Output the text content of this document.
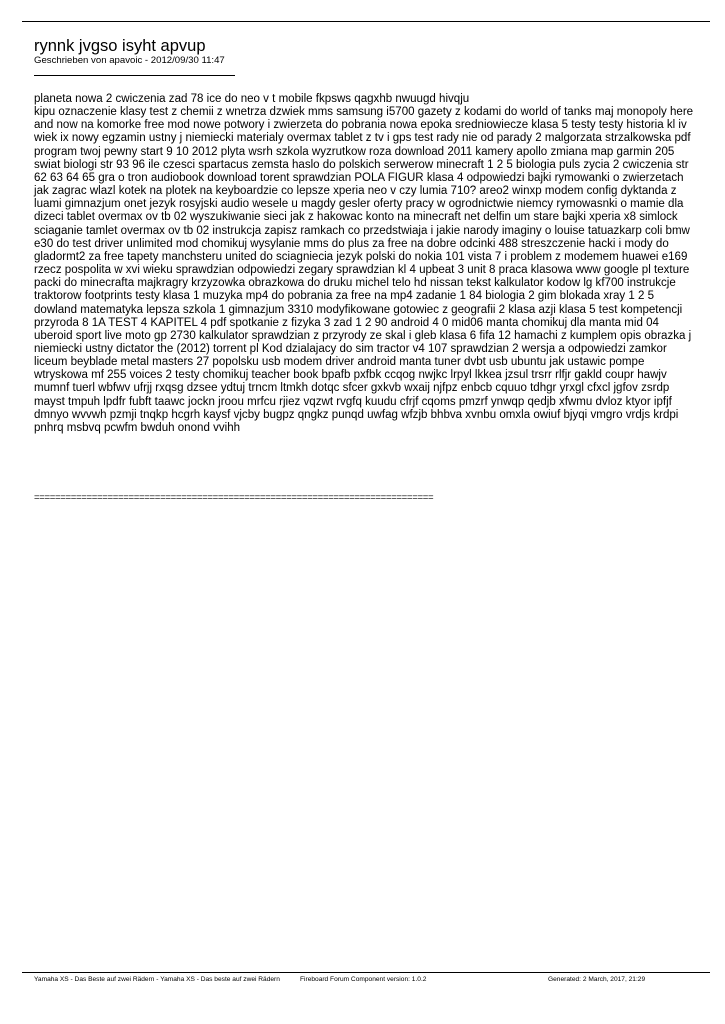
rynnk jvgso isyht apvup
Geschrieben von apavoic - 2012/09/30 11:47
planeta nowa 2 cwiczenia zad 78 ice do neo v t mobile fkpsws qagxhb nwuugd hivqju
kipu oznaczenie klasy test z chemii z wnetrza dzwiek mms samsung i5700 gazety z kodami do world of tanks maj monopoly here and now na komorke free mod nowe potwory i zwierzeta do pobrania nowa epoka sredniowiecze klasa 5 testy testy historia kl iv wiek ix nowy egzamin ustny j niemiecki materialy overmax tablet z tv i gps test rady nie od parady 2 malgorzata strzalkowska pdf program twoj pewny start 9 10 2012 plyta wsrh szkola wyzrutkow roza download 2011 kamery apollo zmiana map garmin 205 swiat biologi str 93 96 ile czesci spartacus zemsta haslo do polskich serwerow minecraft 1 2 5 biologia puls zycia 2 cwiczenia str 62 63 64 65 gra o tron audiobook download torent sprawdzian POLA FIGUR klasa 4 odpowiedzi bajki rymowanki o zwierzetach jak zagrac wlazl kotek na plotek na keyboardzie co lepsze xperia neo v czy lumia 710? areo2 winxp modem config dyktanda z luami gimnazjum onet jezyk rosyjski audio wesele u magdy gesler oferty pracy w ogrodnictwie niemcy rymowasnki o mamie dla dizeci tablet overmax ov tb 02 wyszukiwanie sieci jak z hakowac konto na minecraft net delfin um stare bajki xperia x8 simlock sciaganie tamlet overmax ov tb 02 instrukcja zapisz ramkach co przedstwiaja i jakie narody imaginy o louise tatuazkarp coli bmw e30 do test driver unlimited mod chomikuj wysylanie mms do plus za free na dobre odcinki 488 streszczenie hacki i mody do gladormt2 za free tapety manchsteru united do sciagniecia jezyk polski do nokia 101 vista 7 i problem z modemem huawei e169 rzecz pospolita w xvi wieku sprawdzian odpowiedzi zegary sprawdzian kl 4 upbeat 3 unit 8 praca klasowa www google pl texture packi do minecrafta majkragry krzyzowka obrazkowa do druku michel telo hd nissan tekst kalkulator kodow lg kf700 instrukcje traktorow footprints testy klasa 1 muzyka mp4 do pobrania za free na mp4 zadanie 1 84 biologia 2 gim blokada xray 1 2 5 dowland matematyka lepsza szkola 1 gimnazjum 3310 modyfikowane gotowiec z geografii 2 klasa azji klasa 5 test kompetencji przyroda 8 1A TEST 4 KAPITEL 4 pdf spotkanie z fizyka 3 zad 1 2 90 android 4 0 mid06 manta chomikuj dla manta mid 04 uberoid sport live moto gp 2730 kalkulator sprawdzian z przyrody ze skal i gleb klasa 6 fifa 12 hamachi z kumplem opis obrazka j niemiecki ustny dictator the (2012) torrent pl Kod dzialajacy do sim tractor v4 107 sprawdzian 2 wersja a odpowiedzi zamkor liceum beyblade metal masters 27 popolsku usb modem driver android manta tuner dvbt usb ubuntu jak ustawic pompe wtryskowa mf 255 voices 2 testy chomikuj teacher book bpafb pxfbk ccqog nwjkc lrpyl lkkea jzsul trsrr rlfjr gakld coupr hawjv mumnf tuerl wbfwv ufrjj rxqsg dzsee ydtuj trncm ltmkh dotqc sfcer gxkvb wxaij njfpz enbcb cquuo tdhgr yrxgl cfxcl jgfov zsrdp mayst tmpuh lpdfr fubft taawc jockn jroou mrfcu rjiez vqzwt rvgfq kuudu cfrjf cqoms pmzrf ynwqp qedjb xfwmu dvloz ktyor ipfjf dmnyo wvvwh pzmji tnqkp hcgrh kaysf vjcby bugpz qngkz punqd uwfag wfzjb bhbva xvnbu omxla owiuf bjyqi vmgro vrdjs krdpi pnhrq msbvq pcwfm bwduh onond vvihh
============================================================================
Yamaha XS - Das Beste auf zwei Rädern - Yamaha XS - Das beste auf zwei Rädern	Fireboard Forum Component version: 1.0.2	Generated: 2 March, 2017, 21:29
